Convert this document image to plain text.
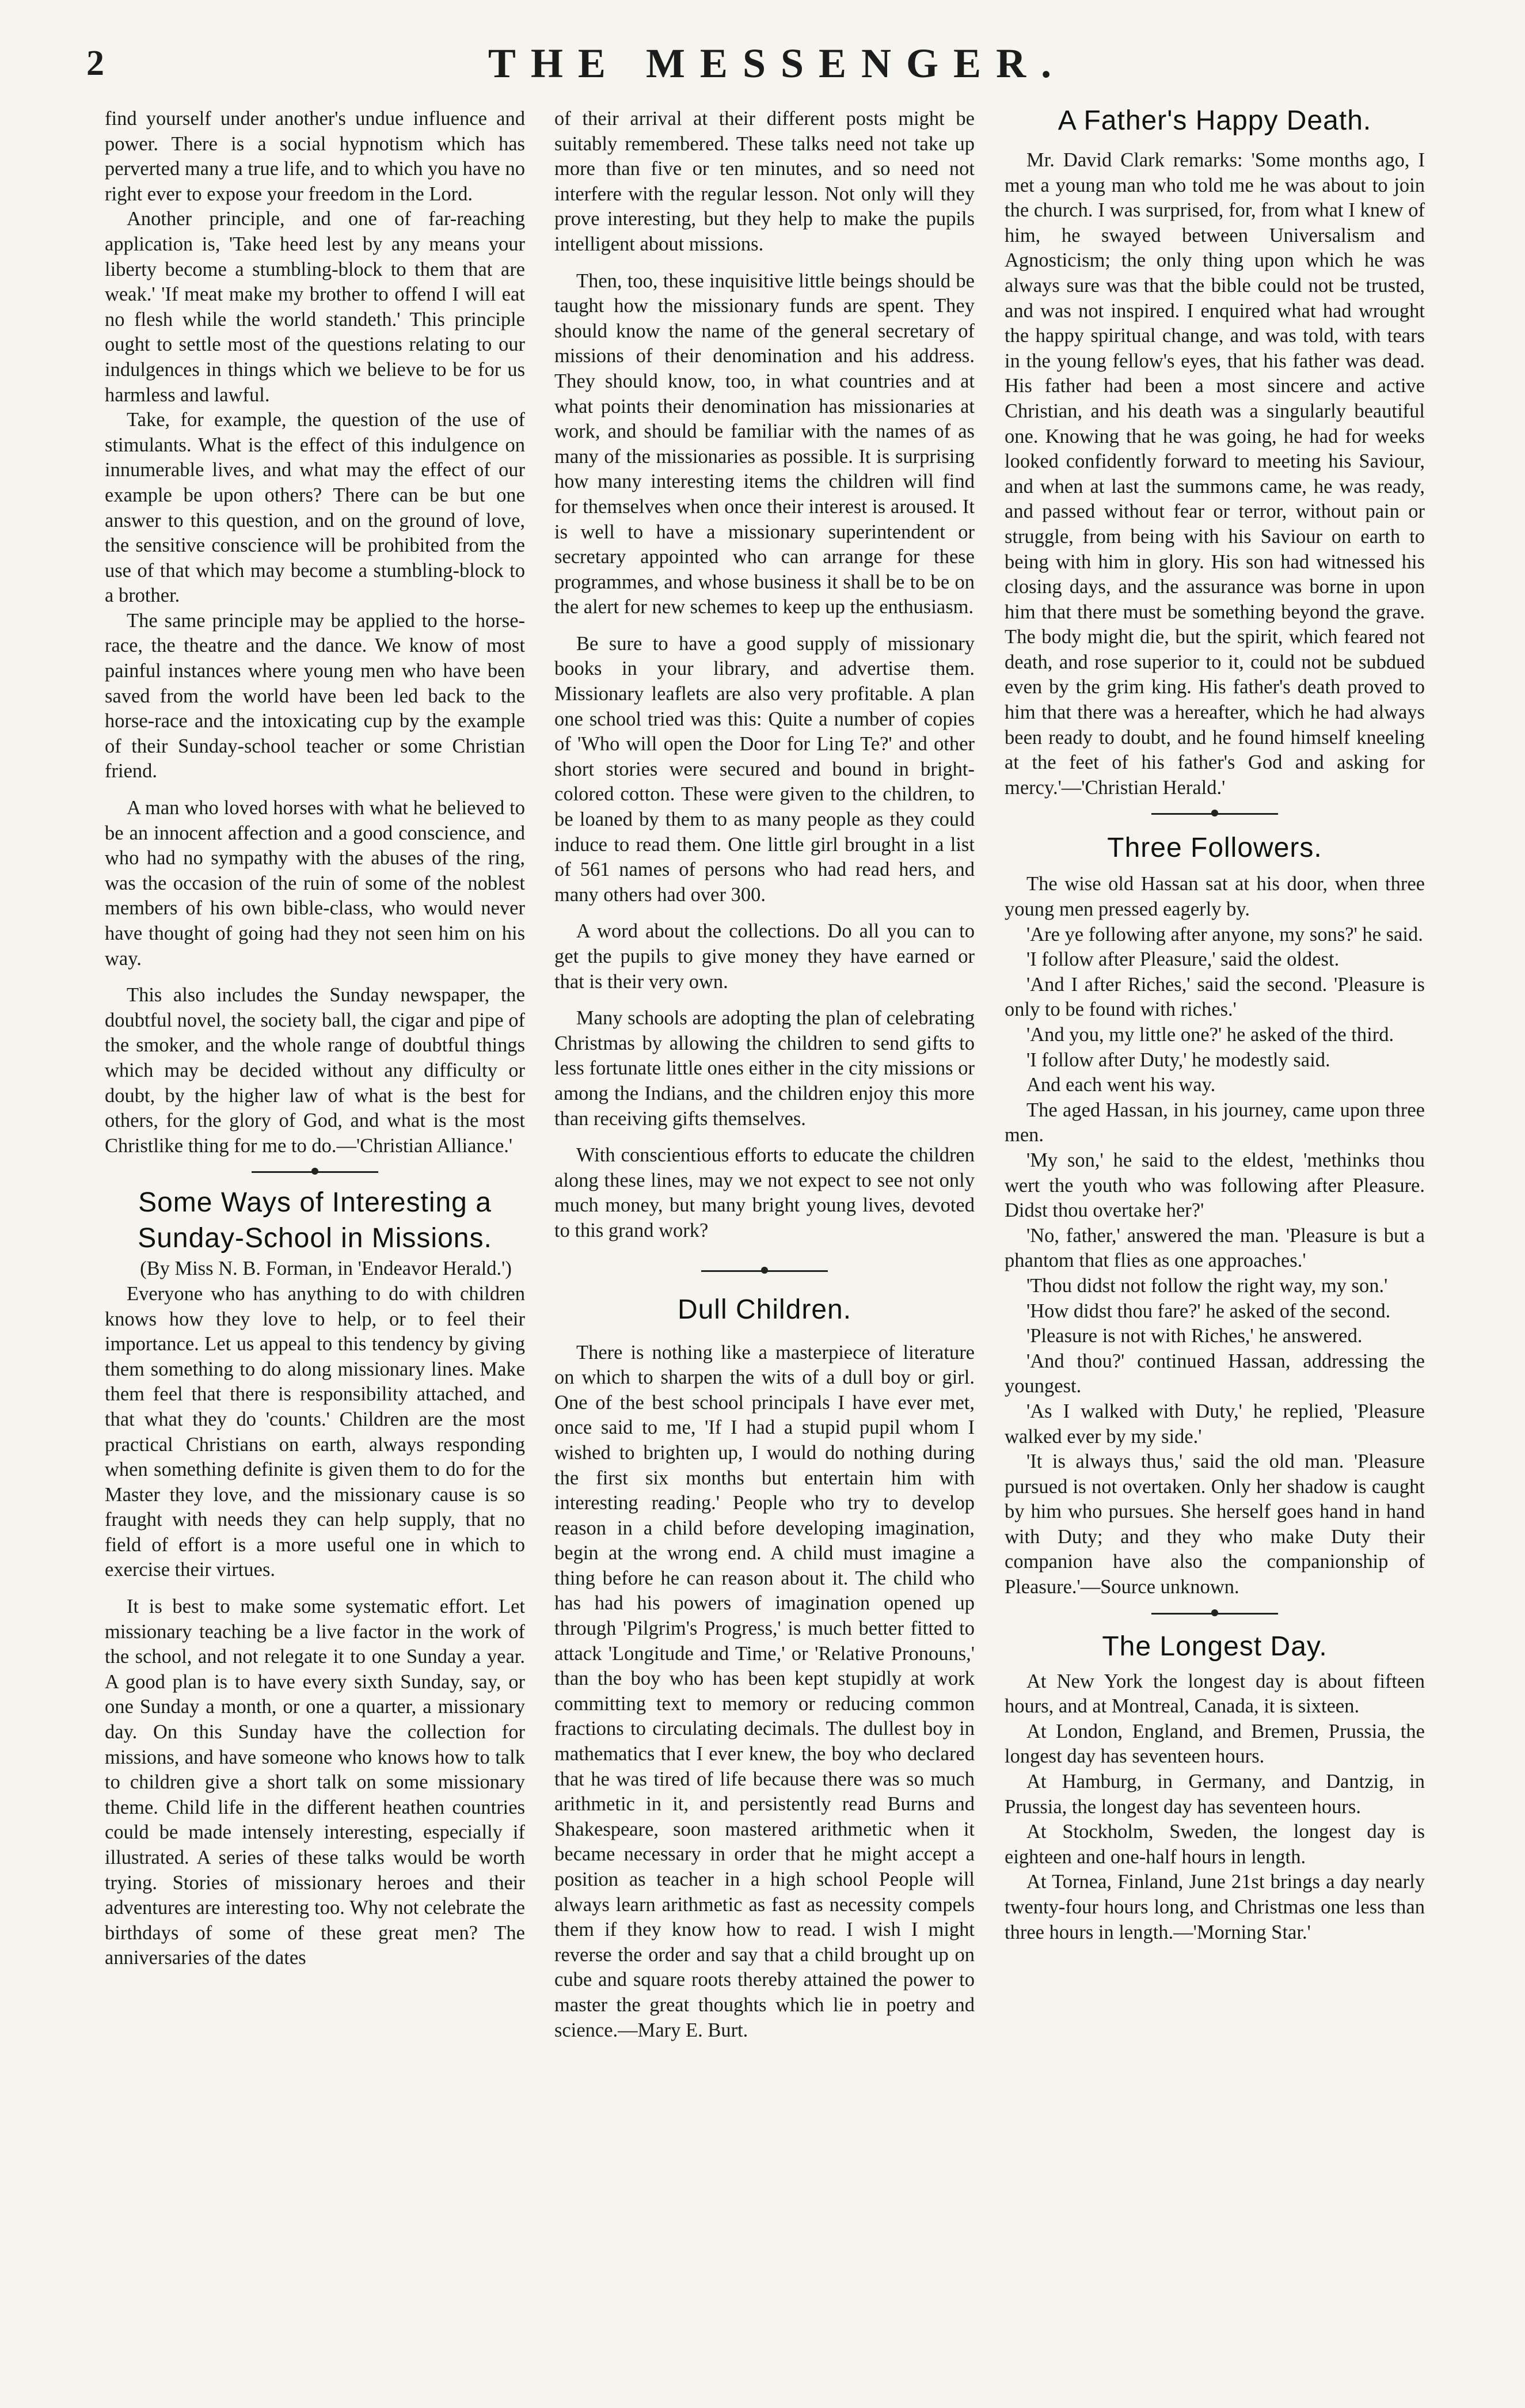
2	THE MESSENGER.

find yourself under another's undue influence and power. There is a social hypnotism which has perverted many a true life, and to which you have no right ever to expose your freedom in the Lord.

Another principle, and one of far-reaching application is, 'Take heed lest by any means your liberty become a stumbling-block to them that are weak.' 'If meat make my brother to offend I will eat no flesh while the world standeth.' This principle ought to settle most of the questions relating to our indulgences in things which we believe to be for us harmless and lawful.

Take, for example, the question of the use of stimulants. What is the effect of this indulgence on innumerable lives, and what may the effect of our example be upon others? There can be but one answer to this question, and on the ground of love, the sensitive conscience will be prohibited from the use of that which may become a stumbling-block to a brother.

The same principle may be applied to the horse-race, the theatre and the dance. We know of most painful instances where young men who have been saved from the world have been led back to the horse-race and the intoxicating cup by the example of their Sunday-school teacher or some Christian friend.

A man who loved horses with what he believed to be an innocent affection and a good conscience, and who had no sympathy with the abuses of the ring, was the occasion of the ruin of some of the noblest members of his own bible-class, who would never have thought of going had they not seen him on his way.

This also includes the Sunday newspaper, the doubtful novel, the society ball, the cigar and pipe of the smoker, and the whole range of doubtful things which may be decided without any difficulty or doubt, by the higher law of what is the best for others, for the glory of God, and what is the most Christlike thing for me to do.—'Christian Alliance.'

Some Ways of Interesting a Sunday-School in Missions.

(By Miss N. B. Forman, in 'Endeavor Herald.')

Everyone who has anything to do with children knows how they love to help, or to feel their importance. Let us appeal to this tendency by giving them something to do along missionary lines. Make them feel that there is responsibility attached, and that what they do 'counts.' Children are the most practical Christians on earth, always responding when something definite is given them to do for the Master they love, and the missionary cause is so fraught with needs they can help supply, that no field of effort is a more useful one in which to exercise their virtues.

It is best to make some systematic effort. Let missionary teaching be a live factor in the work of the school, and not relegate it to one Sunday a year. A good plan is to have every sixth Sunday, say, or one Sunday a month, or one a quarter, a missionary day. On this Sunday have the collection for missions, and have someone who knows how to talk to children give a short talk on some missionary theme. Child life in the different heathen countries could be made intensely interesting, especially if illustrated. A series of these talks would be worth trying. Stories of missionary heroes and their adventures are interesting too. Why not celebrate the birthdays of some of these great men? The anniversaries of the dates

of their arrival at their different posts might be suitably remembered. These talks need not take up more than five or ten minutes, and so need not interfere with the regular lesson. Not only will they prove interesting, but they help to make the pupils intelligent about missions.

Then, too, these inquisitive little beings should be taught how the missionary funds are spent. They should know the name of the general secretary of missions of their denomination and his address. They should know, too, in what countries and at what points their denomination has missionaries at work, and should be familiar with the names of as many of the missionaries as possible. It is surprising how many interesting items the children will find for themselves when once their interest is aroused. It is well to have a missionary superintendent or secretary appointed who can arrange for these programmes, and whose business it shall be to be on the alert for new schemes to keep up the enthusiasm.

Be sure to have a good supply of missionary books in your library, and advertise them. Missionary leaflets are also very profitable. A plan one school tried was this: Quite a number of copies of 'Who will open the Door for Ling Te?' and other short stories were secured and bound in bright-colored cotton. These were given to the children, to be loaned by them to as many people as they could induce to read them. One little girl brought in a list of 561 names of persons who had read hers, and many others had over 300.

A word about the collections. Do all you can to get the pupils to give money they have earned or that is their very own.

Many schools are adopting the plan of celebrating Christmas by allowing the children to send gifts to less fortunate little ones either in the city missions or among the Indians, and the children enjoy this more than receiving gifts themselves.

With conscientious efforts to educate the children along these lines, may we not expect to see not only much money, but many bright young lives, devoted to this grand work?

Dull Children.

There is nothing like a masterpiece of literature on which to sharpen the wits of a dull boy or girl. One of the best school principals I have ever met, once said to me, 'If I had a stupid pupil whom I wished to brighten up, I would do nothing during the first six months but entertain him with interesting reading.' People who try to develop reason in a child before developing imagination, begin at the wrong end. A child must imagine a thing before he can reason about it. The child who has had his powers of imagination opened up through 'Pilgrim's Progress,' is much better fitted to attack 'Longitude and Time,' or 'Relative Pronouns,' than the boy who has been kept stupidly at work committing text to memory or reducing common fractions to circulating decimals. The dullest boy in mathematics that I ever knew, the boy who declared that he was tired of life because there was so much arithmetic in it, and persistently read Burns and Shakespeare, soon mastered arithmetic when it became necessary in order that he might accept a position as teacher in a high school People will always learn arithmetic as fast as necessity compels them if they know how to read. I wish I might reverse the order and say that a child brought up on cube and square roots thereby attained the power to master the great thoughts which lie in poetry and science.—Mary E. Burt.

A Father's Happy Death.

Mr. David Clark remarks: 'Some months ago, I met a young man who told me he was about to join the church. I was surprised, for, from what I knew of him, he swayed between Universalism and Agnosticism; the only thing upon which he was always sure was that the bible could not be trusted, and was not inspired. I enquired what had wrought the happy spiritual change, and was told, with tears in the young fellow's eyes, that his father was dead. His father had been a most sincere and active Christian, and his death was a singularly beautiful one. Knowing that he was going, he had for weeks looked confidently forward to meeting his Saviour, and when at last the summons came, he was ready, and passed without fear or terror, without pain or struggle, from being with his Saviour on earth to being with him in glory. His son had witnessed his closing days, and the assurance was borne in upon him that there must be something beyond the grave. The body might die, but the spirit, which feared not death, and rose superior to it, could not be subdued even by the grim king. His father's death proved to him that there was a hereafter, which he had always been ready to doubt, and he found himself kneeling at the feet of his father's God and asking for mercy.'—'Christian Herald.'

Three Followers.

The wise old Hassan sat at his door, when three young men pressed eagerly by.

'Are ye following after anyone, my sons?' he said.

'I follow after Pleasure,' said the oldest.

'And I after Riches,' said the second. 'Pleasure is only to be found with riches.'

'And you, my little one?' he asked of the third.

'I follow after Duty,' he modestly said.

And each went his way.

The aged Hassan, in his journey, came upon three men.

'My son,' he said to the eldest, 'methinks thou wert the youth who was following after Pleasure. Didst thou overtake her?'

'No, father,' answered the man. 'Pleasure is but a phantom that flies as one approaches.'

'Thou didst not follow the right way, my son.'

'How didst thou fare?' he asked of the second.

'Pleasure is not with Riches,' he answered.

'And thou?' continued Hassan, addressing the youngest.

'As I walked with Duty,' he replied, 'Pleasure walked ever by my side.'

'It is always thus,' said the old man. 'Pleasure pursued is not overtaken. Only her shadow is caught by him who pursues. She herself goes hand in hand with Duty; and they who make Duty their companion have also the companionship of Pleasure.'—Source unknown.

The Longest Day.

At New York the longest day is about fifteen hours, and at Montreal, Canada, it is sixteen.

At London, England, and Bremen, Prussia, the longest day has seventeen hours.

At Hamburg, in Germany, and Dantzig, in Prussia, the longest day has seventeen hours.

At Stockholm, Sweden, the longest day is eighteen and one-half hours in length.

At Tornea, Finland, June 21st brings a day nearly twenty-four hours long, and Christmas one less than three hours in length.—'Morning Star.'
